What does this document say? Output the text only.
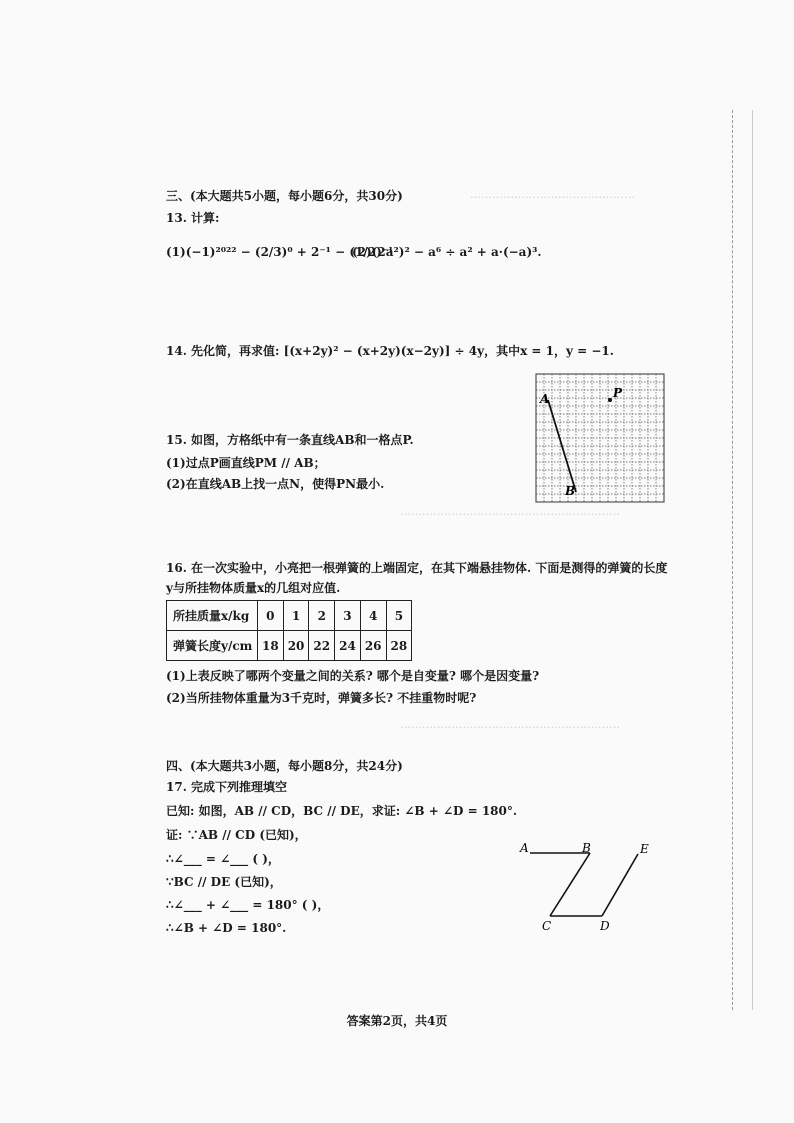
………………………………………
……………………………………………………
……………………………………………………
三、(本大题共5小题，每小题6分，共30分)
13. 计算:
(1)(−1)²⁰²² − (2/3)⁰ + 2⁻¹ − (1/2)⁻¹
(2)(2a²)² − a⁶ ÷ a² + a·(−a)³.
14. 先化简，再求值: [(x+2y)² − (x+2y)(x−2y)] ÷ 4y，其中x = 1，y = −1.
15. 如图，方格纸中有一条直线AB和一格点P.
(1)过点P画直线PM // AB；
(2)在直线AB上找一点N，使得PN最小.
A
B
P
16. 在一次实验中，小亮把一根弹簧的上端固定，在其下端悬挂物体. 下面是测得的弹簧的长度
y与所挂物体质量x的几组对应值.
所挂质量x/kg	0	1	2	3	4	5
弹簧长度y/cm	18	20	22	24	26	28
(1)上表反映了哪两个变量之间的关系? 哪个是自变量? 哪个是因变量?
(2)当所挂物体重量为3千克时，弹簧多长? 不挂重物时呢?
四、(本大题共3小题，每小题8分，共24分)
17. 完成下列推理填空
已知: 如图，AB // CD，BC // DE，求证: ∠B + ∠D = 180°.
证: ∵AB // CD (已知)，
∴∠___ = ∠___ ( )，
∵BC // DE (已知)，
∴∠___ + ∠___ = 180° ( )，
∴∠B + ∠D = 180°.
A	B	E
C	D
答案第2页，共4页
